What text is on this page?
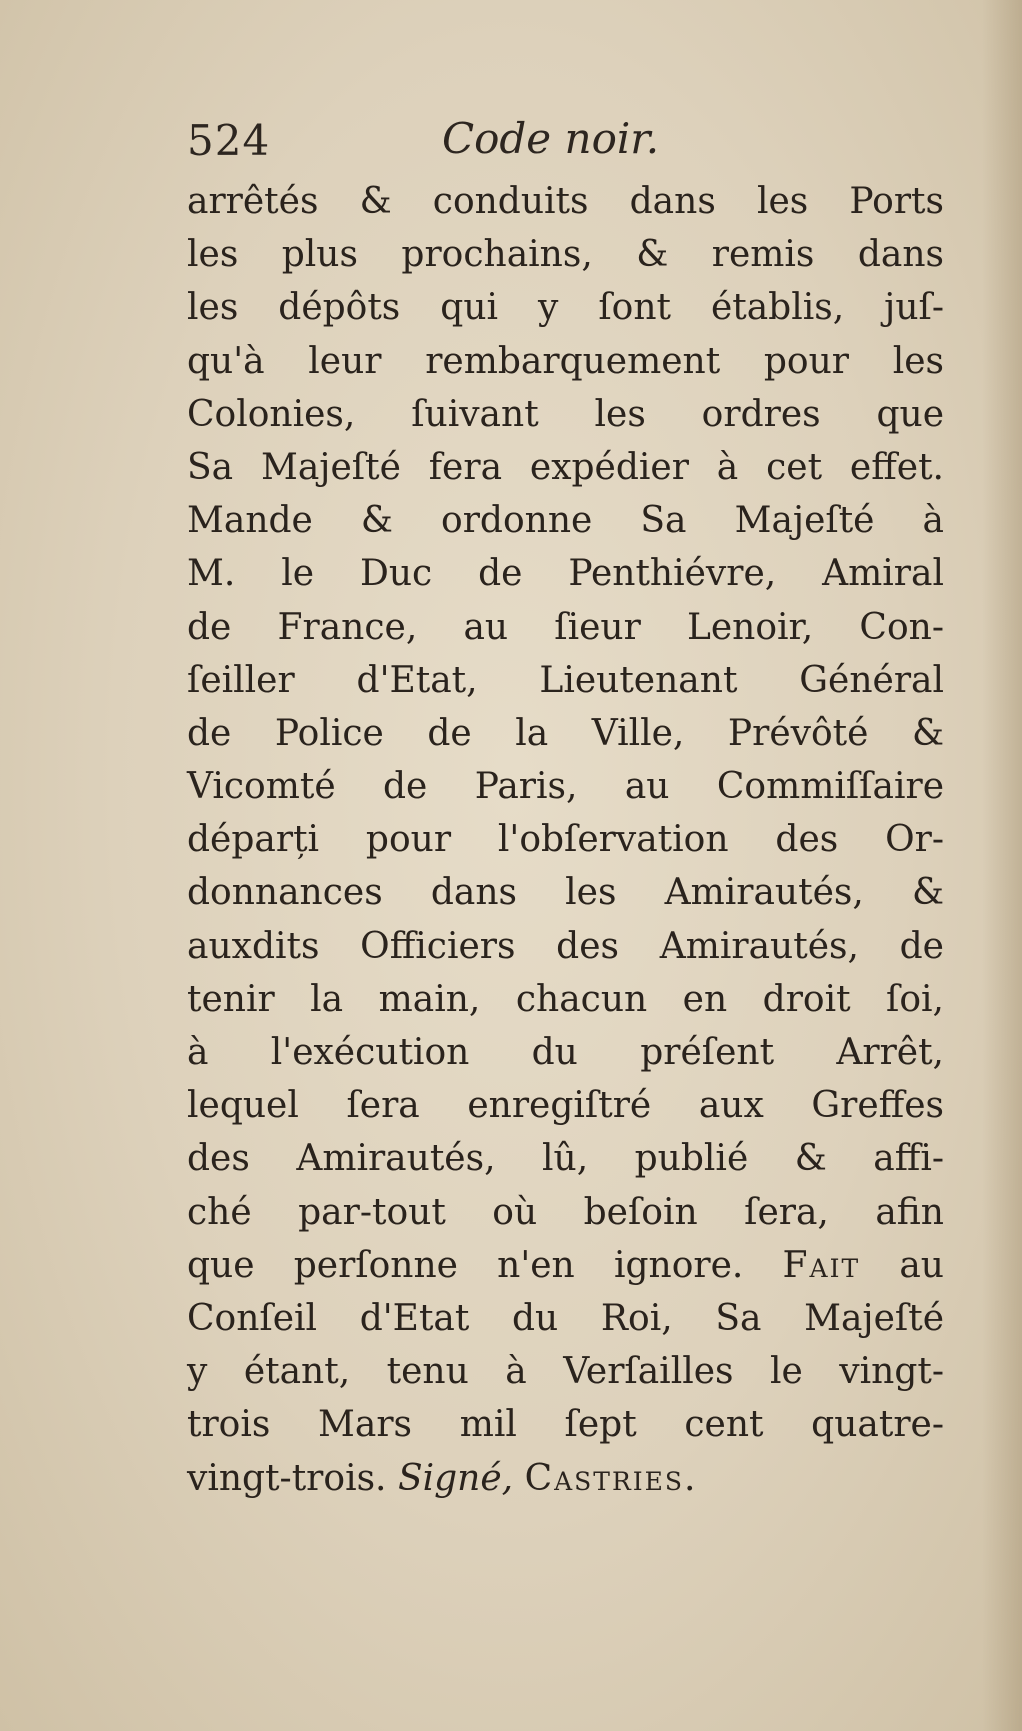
524	Code noir.
arrêtés & conduits dans les Ports
les plus prochains, & remis dans
les dépôts qui y ſont établis, juſ-
qu'à leur rembarquement pour les
Colonies, ſuivant les ordres que
Sa Majeſté fera expédier à cet effet.
Mande & ordonne Sa Majeſté à
M. le Duc de Penthiévre, Amiral
de France, au ſieur Lenoir, Con-
ſeiller d'Etat, Lieutenant Général
de Police de la Ville, Prévôté &
Vicomté de Paris, au Commiſſaire
déparți pour l'obſervation des Or-
donnances dans les Amirautés, &
auxdits Officiers des Amirautés, de
tenir la main, chacun en droit ſoi,
à l'exécution du préſent Arrêt,
lequel ſera enregiſtré aux Greffes
des Amirautés, lû, publié & affi-
ché par-tout où beſoin ſera, afin
que perſonne n'en ignore. Fait au
Conſeil d'Etat du Roi, Sa Majeſté
y étant, tenu à Verſailles le vingt-
trois Mars mil ſept cent quatre-
vingt-trois. Signé, Castries.
